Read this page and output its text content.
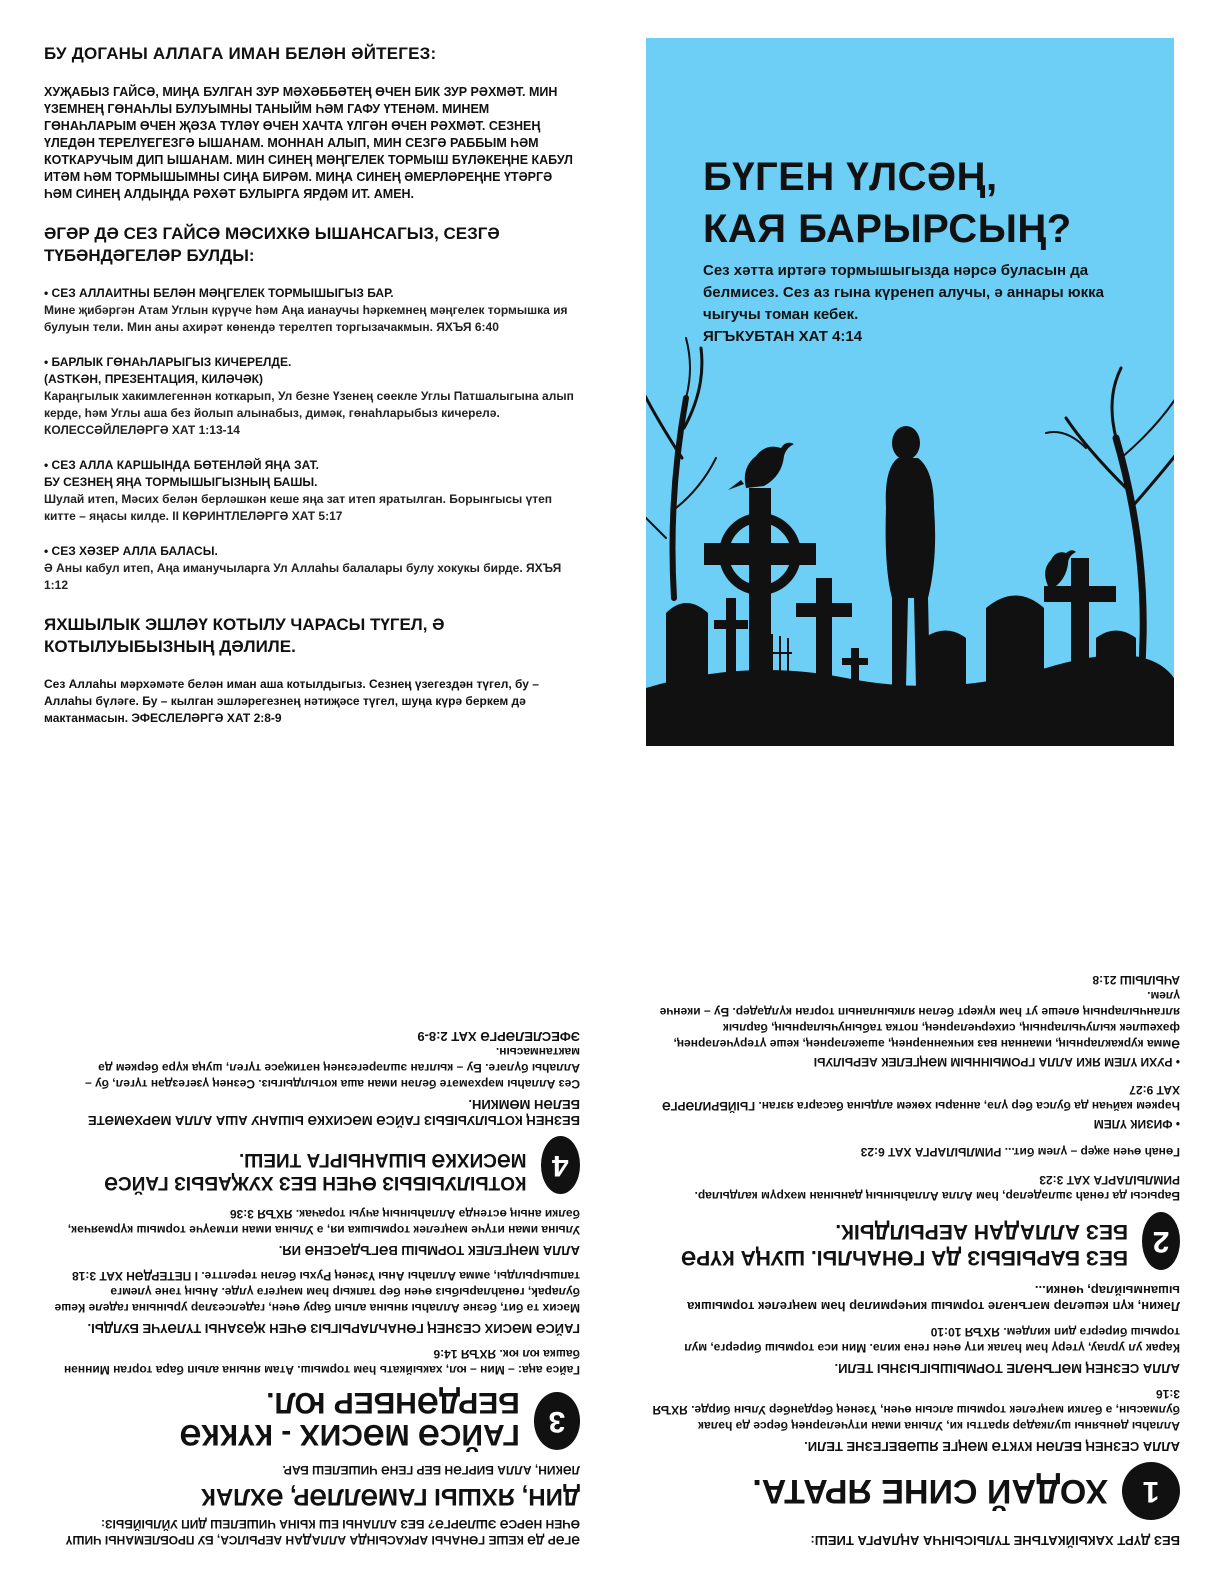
БУ ДОГАНЫ АЛЛАГА ИМАН БЕЛӘН ӘЙТЕГЕЗ:

ХУҖАБЫЗ ГАЙСӘ, МИҢА БУЛГАН ЗУР МӘХӘББӘТЕҢ ӨЧЕН БИК ЗУР РӘХМӘТ. МИН ҮЗЕМНЕҢ ГӨНАҺЛЫ БУЛУЫМНЫ ТАНЫЙМ ҺӘМ ГАФУ ҮТЕНӘМ. МИНЕМ ГӨНАҺЛАРЫМ ӨЧЕН ҖӘЗА ТҮЛӘҮ ӨЧЕН ХАЧТА ҮЛГӘН ӨЧЕН РӘХМӘТ. СЕЗНЕҢ ҮЛЕДӘН ТЕРЕЛҮЕГЕЗГӘ ЫШАНАМ. МОННАН АЛЫП, МИН СЕЗГӘ РАББЫМ ҺӘМ КОТКАРУЧЫМ ДИП ЫШАНАМ. МИН СИНЕҢ МӘҢГЕЛЕК ТОРМЫШ БҮЛӘКЕҢНЕ КАБУЛ ИТӘМ ҺӘМ ТОРМЫШЫМНЫ СИҢА БИРӘМ. МИҢА СИНЕҢ ӘМЕРЛӘРЕҢНЕ ҮТӘРГӘ ҺӘМ СИНЕҢ АЛДЫҢДА РӘХӘТ БУЛЫРГА ЯРДӘМ ИТ. АМЕН.

ӘГӘР ДӘ СЕЗ ГАЙСӘ МӘСИХКӘ ЫШАНСАГЫЗ, СЕЗГӘ ТҮБӘНДӘГЕЛӘР БУЛДЫ:
• СЕЗ АЛЛАИТНЫ БЕЛӘН МӘҢГЕЛЕК ТОРМЫШЫГЫЗ БАР.
Мине җибәргән Атам Углын күрүче һәм Аңа ианаучы һәркемнең мәңгелек тормышка ия булуын тели. Мин аны ахирәт көнендә терелтеп торгызачакмын. ЯХЪЯ 6:40
• БАРЛЫК ГӨНАҺЛАРЫГЫЗ КИЧЕРЕЛДЕ.
(ASTKӘН, ПРЕЗЕНТАЦИЯ, КИЛӘЧӘК)
Караңгылык хакимлегеннән коткарып, Ул безне Үзенең сөекле Углы Патшалыгына алып керде, һәм Углы аша без йолып алынабыз, димәк, гөнаһларыбыз кичерелә. КОЛЕССӘЙЛЕЛӘРГӘ ХАТ 1:13-14
• СЕЗ АЛЛА КАРШЫНДА БӨТЕНЛӘЙ ЯҢА ЗАТ.
БУ СЕЗНЕҢ ЯҢА ТОРМЫШЫГЫЗНЫҢ БАШЫ.
Шулай итеп, Мәсих белән берләшкән кеше яңа зат итеп яратылган. Борынгысы үтеп китте – яңасы килде. II КӨРИНТЛЕЛӘРГӘ ХАТ 5:17
• СЕЗ ХӘЗЕР АЛЛА БАЛАСЫ.
Ә Аны кабул итеп, Аңа иманучыларга Ул Аллаһы балалары булу хокукы бирде. ЯХЪЯ 1:12
ЯХШЫЛЫК ЭШЛӘҮ КОТЫЛУ ЧАРАСЫ ТҮГЕЛ, Ә КОТЫЛУЫБЫЗНЫҢ ДӘЛИЛЕ.

Сез Аллаһы мәрхәмәте белән иман аша котылдыгыз. Сезнең үзегездән түгел, бу – Аллаһы бүләге. Бу – кылган эшләрегезнең нәтиҗәсе түгел, шуңа күрә беркем дә мактанмасын. ЭФЕСЛЕЛӘРГӘ ХАТ 2:8-9

БҮГЕН ҮЛСӘҢ,
КАЯ БАРЫРСЫҢ?
Сез хәтта иртәгә тормышыгызда нәрсә буласын да белмисез. Сез аз гына күренеп алучы, ә аннары юкка чыгучы томан кебек.
ЯГЪКУБТАН ХАТ 4:14
ӘГӘР ДӘ КЕШЕ ГӨНАҺЫ АРКАСЫНДА АЛЛАДАН АЕРЫЛСА, БУ ПРОБЛЕМАНЫ ЧИШҮ ӨЧЕН НӘРСӘ ЭШЛӘРГӘ? БЕЗ АЛЛАНЫ ЕШ КЫНА ЧИШЕЛЕШ ДИП УЙЛЫЙБЫЗ:
ДИН, ЯХШЫ ГАМӘЛЛӘР, ӘХЛАК
ЛӘКИН, АЛЛА БИРГӘН БЕР ГЕНӘ ЧИШЕЛЕШ БАР.
3
ГАЙСӘ МӘСИХ - КҮККӘ БЕРДӘНБЕР ЮЛ.
Гайсә аңа: – Мин – юл, хакыйкать һәм тормыш. Атам янына алып бара торган Миннән башка юл юк. ЯХЪЯ 14:6
ГАЙСӘ МӘСИХ СЕЗНЕҢ ГӨНАҺЛАРЫГЫЗ ӨЧЕН ҖӘЗАНЫ ТҮЛӘҮЧЕ БУЛДЫ.
Мәсих тә бит, безне Аллаһы янына алып бару өчен, гаделсезләр урынына гаделе Кеше булараk, гөнаһларыбыз өчен бер тапкыр һәм мәңгегә үлде. Аның тәне үлемгә тапшырылды, әмма Аллаһы Аны Үзенең Рухы белән терелтте. I ПЕТЕРДӘН ХАТ 3:18
АЛЛА МӘҢГЕЛЕК ТОРМЫШ ВӘГЪДӘСЕНӘ ИЯ.
Улына иман итүче мәңгелек тормышка ия, ә Улына иман итмәүче тормыш күрмәячәк, бәлки аның өстендә Аллаһының ачуы торачак. ЯХЪЯ 3:36
4
КОТЫЛУЫБЫЗ ӨЧЕН БЕЗ ХУҖАБЫЗ ГАЙСӘ МӘСИХКӘ ЫШАНЫРГА ТИЕШ.
БЕЗНЕҢ КОТЫЛУЫБЫЗ ГАЙСӘ МӘСИХКӘ ЫШАНУ АША АЛЛА МӘРХӘМӘТЕ БЕЛӘН МӨМКИН.
Сез Аллаһы мәрхәмәте белән иман аша котылдыгыз. Сезнең үзегездән түгел, бу – Аллаһы бүләге. Бу – кылган эшләрегезнең нәтиҗәсе түгел, шуңа күрә беркем дә мактанмасын.
ЭФЕСЛЕЛӘРГӘ ХАТ 2:8-9
БЕЗ ДҮРТ ХАКЫЙКАТЬНЕ ТҮЛЫСЫНЧА АҢЛАРГА ТИЕШ:
1
ХОДАЙ СИНЕ ЯРАТА.
АЛЛА СЕЗНЕҢ БЕЛӘН КҮКТӘ МӘҢГЕ ЯШӘВЕГЕЗНЕ ТЕЛИ.
Аллаһы дөньяны шулкадәр яратты ки, Улына иман итүчеләрнең берсе дә һәлак булмасын, ә бәлки мәңгелек тормыш алсын өчен, Үзенең бердәнбер Улын бирде. ЯХЪЯ 3:16
АЛЛА СЕЗНЕҢ МӘГЪНӘЛЕ ТОРМЫШЫГЫЗНЫ ТЕЛИ.
Карак ул урлау, үтерү һәм һәлак итү өчен генә килә. Мин исә тормыш бирергә, мул тормыш бирергә дип килдем. ЯХЪЯ 10:10
Ләкин, күп кешеләр мәгънәле тормыш кичермиләр һәм мәңгелек тормышка ышанмыйлар, чөнки...
2
БЕЗ БАРЫБЫЗ ДА ГӨНАҺЛЫ. ШУҢА КҮРӘ БЕЗ АЛЛАДАН АЕРЫЛДЫК.
Барысы да гөнаһ эшләделәр, һәм Алла Аллаһының данынан мәхрүм калдылар. РИМЛЫЛАРГА ХАТ 3:23
Гөнаһ өчен әҗер – үлем бит... РИМЛЫЛАРГА ХАТ 6:23
• ФИЗИК ҮЛЕМ
Һәркем кайчан да булса бер үлә, аннары хөкем алдына басарга язган. ГЫЙБРИЛӘРГӘ ХАТ 9:27
• РУХИ ҮЛЕМ ЯКИ АЛЛА ГРОМЫННЫМ МӘҢГЕЛЕК АЕРЫЛУЫ
Әмма куркакларның, иманнан ваз кичкәннәрнең, әшәкеләрнең, кеше үтерүчеләрнең, фәхешлек кылучыларның, сихерчеләрнең, потка табынучыларның, барлык ялганчыларның өлеше ут һәм күкерт белән ялкынланып торган күлдәдер. Бу – икенче үлем.
АЧЫЛЫШ 21:8
